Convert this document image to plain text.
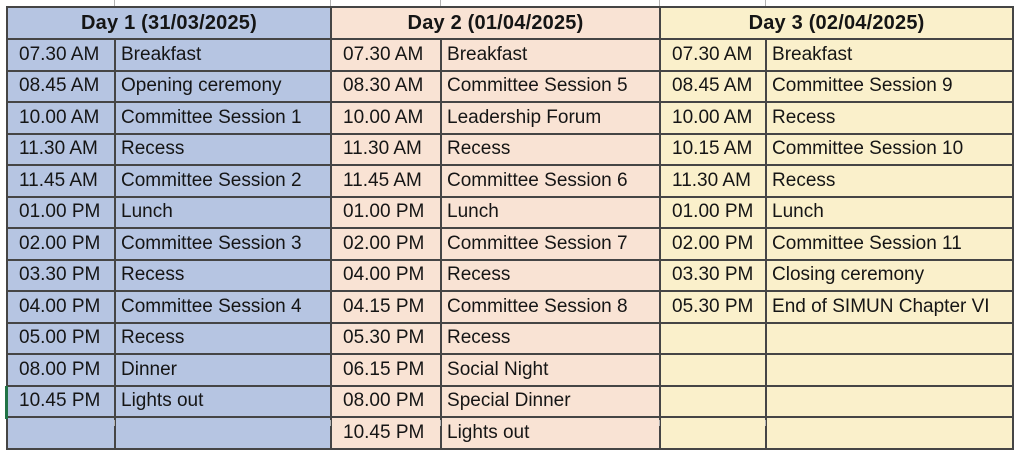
Day 1 (31/03/2025)		Day 2 (01/04/2025)		Day 3 (02/04/2025)	
07.30 AM	Breakfast	07.30 AM	Breakfast	07.30 AM	Breakfast
08.45 AM	Opening ceremony	08.30 AM	Committee Session 5	08.45 AM	Committee Session 9
10.00 AM	Committee Session 1	10.00 AM	Leadership Forum	10.00 AM	Recess
11.30 AM	Recess	11.30 AM	Recess	10.15 AM	Committee Session 10
11.45 AM	Committee Session 2	11.45 AM	Committee Session 6	11.30 AM	Recess
01.00 PM	Lunch	01.00 PM	Lunch	01.00 PM	Lunch
02.00 PM	Committee Session 3	02.00 PM	Committee Session 7	02.00 PM	Committee Session 11
03.30 PM	Recess	04.00 PM	Recess	03.30 PM	Closing ceremony
04.00 PM	Committee Session 4	04.15 PM	Committee Session 8	05.30 PM	End of SIMUN Chapter VI
05.00 PM	Recess	05.30 PM	Recess		
08.00 PM	Dinner	06.15 PM	Social Night		
10.45 PM	Lights out	08.00 PM	Special Dinner		
		10.45 PM	Lights out		
